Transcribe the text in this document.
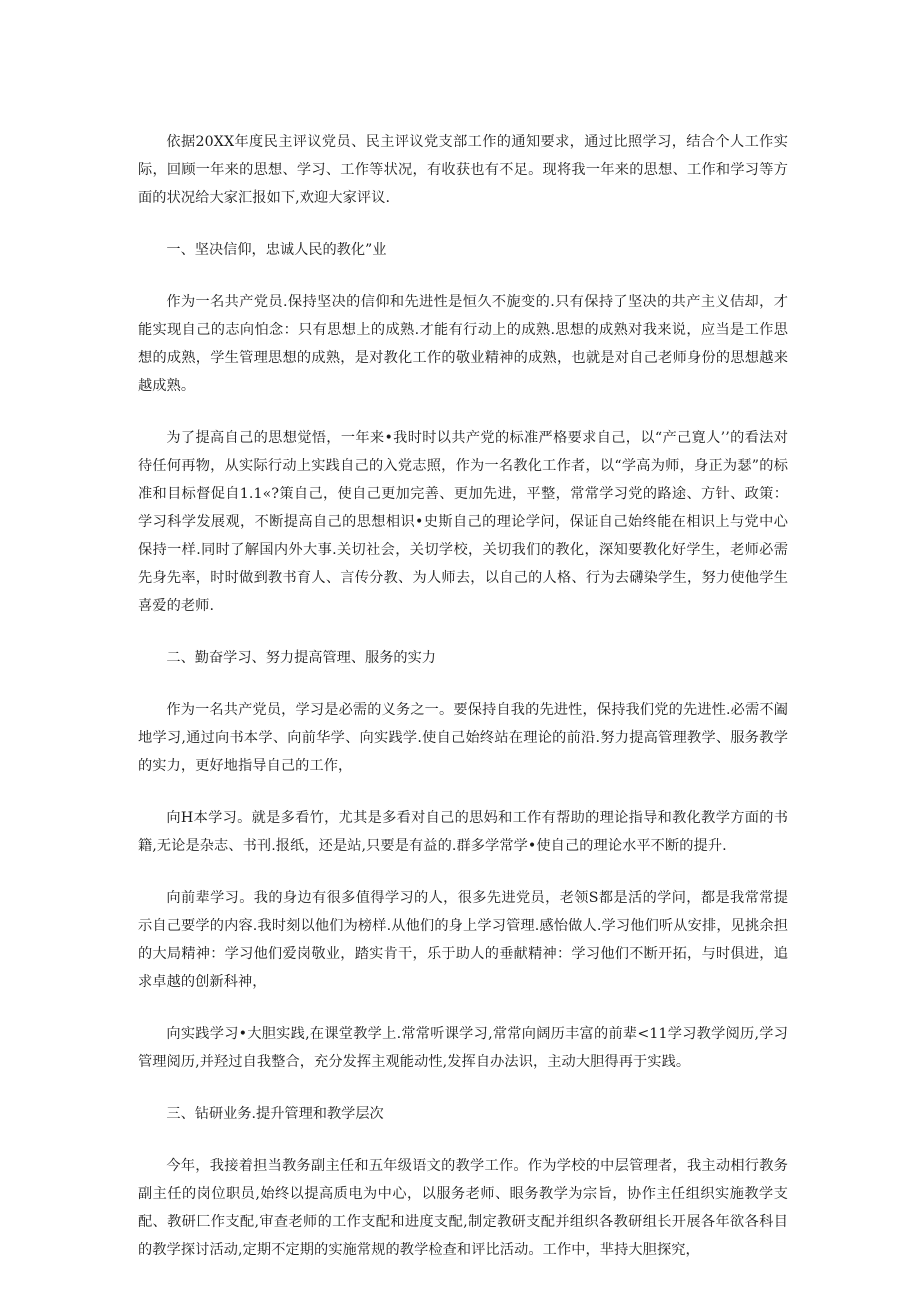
依据20XX年度民主评议党员、民主评议党支部工作的通知要求，通过比照学习，结合个人工作实际，回顾一年来的思想、学习、工作等状况，有收获也有不足。现将我一年来的思想、工作和学习等方面的状况给大家汇报如下,欢迎大家评议.

一、坚决信仰，忠诚人民的教化”业

作为一名共产党员.保持坚决的信仰和先进性是恒久不旎变的.只有保持了坚决的共产主义佶却，才能实现自己的志向怕念：只有思想上的成熟.才能有行动上的成熟.思想的成熟对我来说，应当是工作思想的成熟，学生管理思想的成熟，是对教化工作的敬业精神的成熟，也就是对自己老师身份的思想越来越成熟。

为了提高自己的思想觉悟，一年来•我时时以共产党的标准严格要求自己，以“产己寛人’’的看法对待任何再物，从实际行动上实践自己的入党志照，作为一名教化工作者，以“学高为师，身正为瑟”的标准和目标督促自1.1«?策自己，使自己更加完善、更加先进，平整，常常学习党的路途、方针、政策：学习科学发展观，不断提高自己的思想相识•史斯自己的理论学问，保证自己始终能在相识上与党中心保持一样.同时了解国内外大事.关切社会，关切学校，关切我们的教化，深知要教化好学生，老师必需先身先率，时时做到教书育人、言传分教、为人师去，以自己的人格、行为去礴染学生，努力使他学生喜爱的老师.

二、勤奋学习、努力提高管理、服务的实力

作为一名共产党员，学习是必需的义务之一。要保持自我的先进性，保持我们党的先进性.必需不阖地学习,通过向书本学、向前华学、向实践学.使自己始终站在理论的前沿.努力提高管理教学、服务教学的实力，更好地指导自己的工作，

向H本学习。就是多看竹，尤其是多看对自己的思妈和工作有帮助的理论指导和教化教学方面的书籍,无论是杂志、书刊.报纸，还是站,只要是有益的.群多学常学•使自己的理论水平不断的提升.

向前辈学习。我的身边有很多值得学习的人，很多先进党员，老领S都是活的学问，都是我常常提示自己要学的内容.我时刻以他们为榜样.从他们的身上学习管理.感怡做人.学习他们听从安排，见挑余担的大局精神：学习他们爱岗敬业，踏实肯干，乐于助人的垂献精神：学习他们不断开拓，与时俱进，追求卓越的创新科神，

向实践学习•大胆实践,在课堂教学上.常常听课学习,常常向阔历丰富的前辈<11学习教学阅历,学习管理阅历,并羟过自我整合，充分发挥主观能动性,发挥自办法识，主动大胆得再于实践。

三、钻研业务.提升管理和教学层次

今年，我接着担当教务副主任和五年级语文的教学工作。作为学校的中层管理者，我主动相行教务副主任的岗位职员,始终以提高质电为中心，以服务老师、眼务教学为宗旨，协作主任组织实施教学支配、教研匚作支配,审查老师的工作支配和进度支配,制定教研支配并组织各教研组长开展各年欲各科目的教学探讨活动,定期不定期的实施常规的教学检查和评比活动。工作中，芈持大胆探究，
